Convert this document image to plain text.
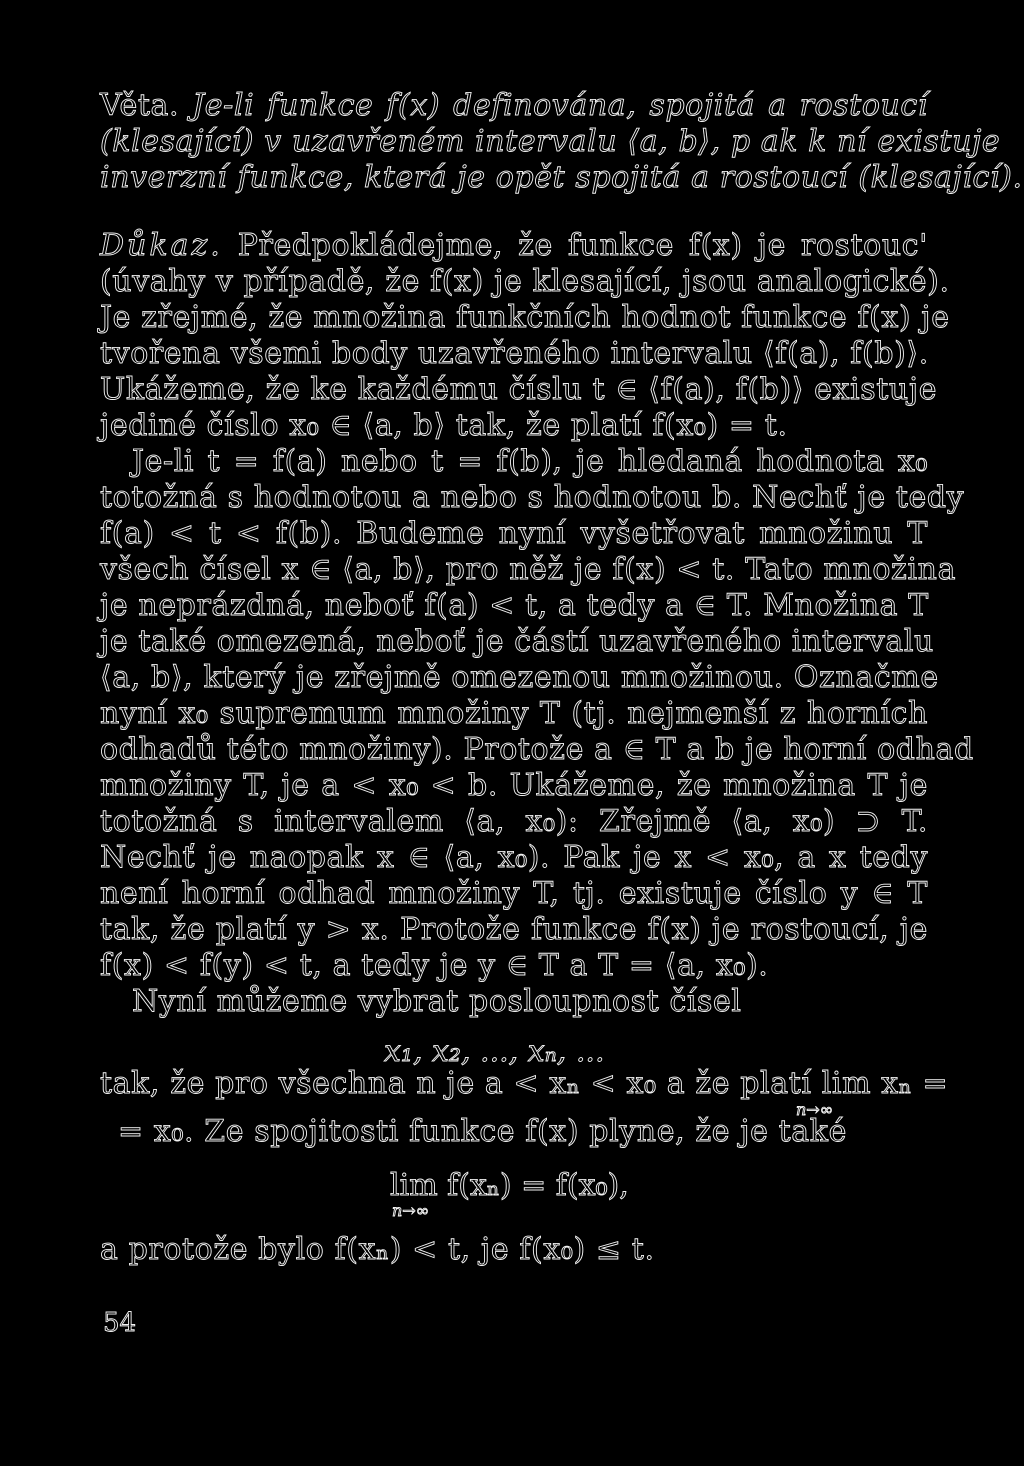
Věta. Je-li funkce f(x) definována, spojitá a rostoucí
(klesající) v uzavřeném intervalu ⟨a, b⟩, p ak k ní existuje
inverzní funkce, která je opět spojitá a rostoucí (klesající).
Důkaz. Předpokládejme, že funkce f(x) je rostouc'
(úvahy v případě, že f(x) je klesající, jsou analogické).
Je zřejmé, že množina funkčních hodnot funkce f(x) je
tvořena všemi body uzavřeného intervalu ⟨f(a), f(b)⟩.
Ukážeme, že ke každému číslu t ∈ ⟨f(a), f(b)⟩ existuje
jediné číslo x₀ ∈ ⟨a, b⟩ tak, že platí f(x₀) = t.
Je-li t = f(a) nebo t = f(b), je hledaná hodnota x₀
totožná s hodnotou a nebo s hodnotou b. Nechť je tedy
f(a) < t < f(b). Budeme nyní vyšetřovat množinu T
všech čísel x ∈ ⟨a, b⟩, pro něž je f(x) < t. Tato množina
je neprázdná, neboť f(a) < t, a tedy a ∈ T. Množina T
je také omezená, neboť je částí uzavřeného intervalu
⟨a, b⟩, který je zřejmě omezenou množinou. Označme
nyní x₀ supremum množiny T (tj. nejmenší z horních
odhadů této množiny). Protože a ∈ T a b je horní odhad
množiny T, je a < x₀ < b. Ukážeme, že množina T je
totožná s intervalem ⟨a, x₀): Zřejmě ⟨a, x₀) ⊃ T.
Nechť je naopak x ∈ ⟨a, x₀). Pak je x < x₀, a x tedy
není horní odhad množiny T, tj. existuje číslo y ∈ T
tak, že platí y > x. Protože funkce f(x) je rostoucí, je
f(x) < f(y) < t, a tedy je y ∈ T a T = ⟨a, x₀).
Nyní můžeme vybrat posloupnost čísel
x₁, x₂, ..., xₙ, ...
tak, že pro všechna n je a < xₙ < x₀ a že platí lim xₙ =
n→∞
= x₀. Ze spojitosti funkce f(x) plyne, že je také
lim f(xₙ) = f(x₀),
n→∞
a protože bylo f(xₙ) < t, je f(x₀) ≤ t.
54
